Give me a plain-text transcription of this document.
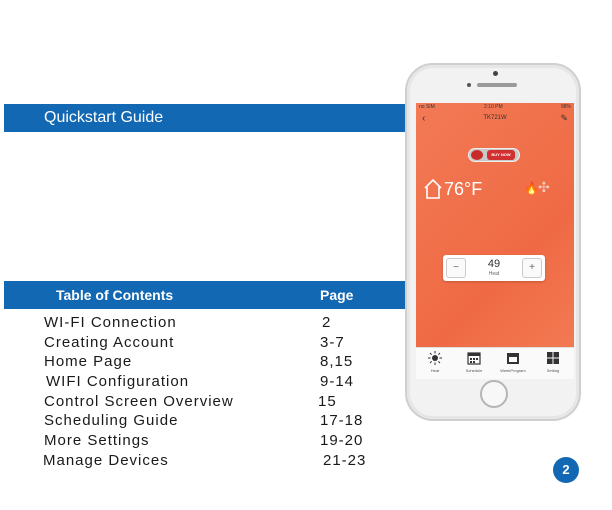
Quickstart Guide
Table of Contents	Page
WI-FI Connection	2
Creating Account	3-7
Home Page	8,15
WIFI Configuration	9-14
Control Screen Overview	15
Scheduling Guide	17-18
More Settings	19-20
Manage Devices	21-23
2
no SIM	2:10 PM	98%
‹	TK721W	✎
BUY NOW
76°F	🔥 ✣
−	49
Heat
+
Heat	Schedule	WeekProgram	Setting
